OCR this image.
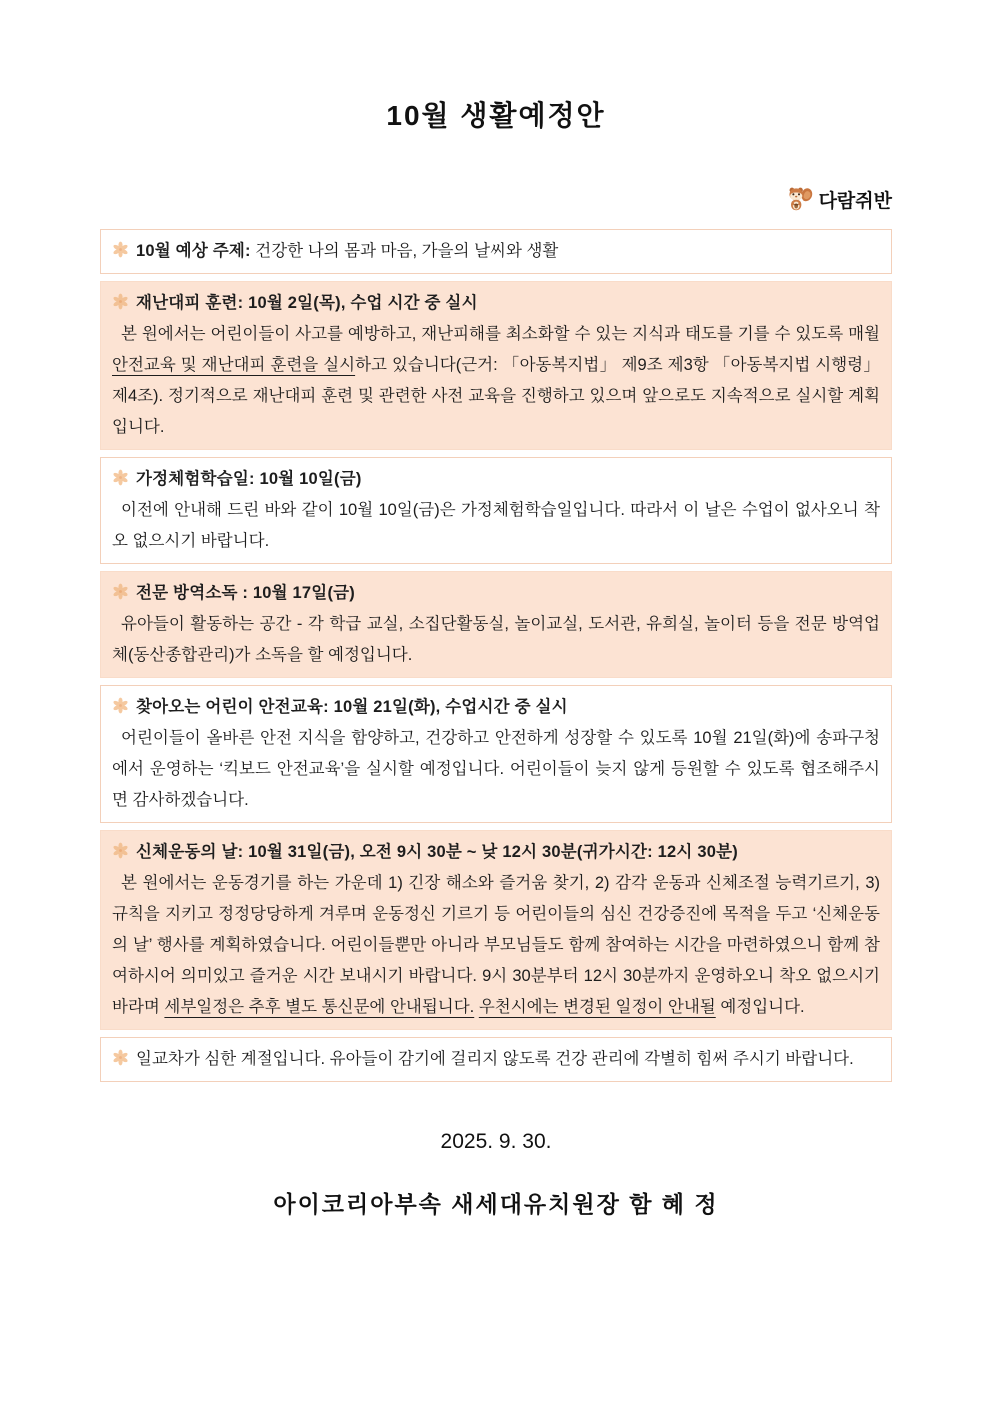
10월 생활예정안
다람쥐반

10월 예상 주제: 건강한 나의 몸과 마음, 가을의 날씨와 생활

재난대피 훈련: 10월 2일(목), 수업 시간 중 실시

본 원에서는 어린이들이 사고를 예방하고, 재난피해를 최소화할 수 있는 지식과 태도를 기를 수 있도록 매월 안전교육 및 재난대피 훈련을 실시하고 있습니다(근거: 「아동복지법」 제9조 제3항 「아동복지법 시행령」 제4조). 정기적으로 재난대피 훈련 및 관련한 사전 교육을 진행하고 있으며 앞으로도 지속적으로 실시할 계획입니다.

가정체험학습일: 10월 10일(금)

이전에 안내해 드린 바와 같이 10월 10일(금)은 가정체험학습일입니다. 따라서 이 날은 수업이 없사오니 착오 없으시기 바랍니다.

전문 방역소독 : 10월 17일(금)

유아들이 활동하는 공간 - 각 학급 교실, 소집단활동실, 놀이교실, 도서관, 유희실, 놀이터 등을 전문 방역업체(동산종합관리)가 소독을 할 예정입니다.

찾아오는 어린이 안전교육: 10월 21일(화), 수업시간 중 실시

어린이들이 올바른 안전 지식을 함양하고, 건강하고 안전하게 성장할 수 있도록 10월 21일(화)에 송파구청에서 운영하는 ‘킥보드 안전교육’을 실시할 예정입니다. 어린이들이 늦지 않게 등원할 수 있도록 협조해주시면 감사하겠습니다.

신체운동의 날: 10월 31일(금), 오전 9시 30분 ~ 낮 12시 30분(귀가시간: 12시 30분)

본 원에서는 운동경기를 하는 가운데 1) 긴장 해소와 즐거움 찾기, 2) 감각 운동과 신체조절 능력기르기, 3) 규칙을 지키고 정정당당하게 겨루며 운동정신 기르기 등 어린이들의 심신 건강증진에 목적을 두고 ‘신체운동의 날’ 행사를 계획하였습니다. 어린이들뿐만 아니라 부모님들도 함께 참여하는 시간을 마련하였으니 함께 참여하시어 의미있고 즐거운 시간 보내시기 바랍니다. 9시 30분부터 12시 30분까지 운영하오니 착오 없으시기 바라며 세부일정은 추후 별도 통신문에 안내됩니다. 우천시에는 변경된 일정이 안내될 예정입니다.

일교차가 심한 계절입니다. 유아들이 감기에 걸리지 않도록 건강 관리에 각별히 힘써 주시기 바랍니다.

2025. 9. 30.
아이코리아부속 새세대유치원장 함 혜 정
